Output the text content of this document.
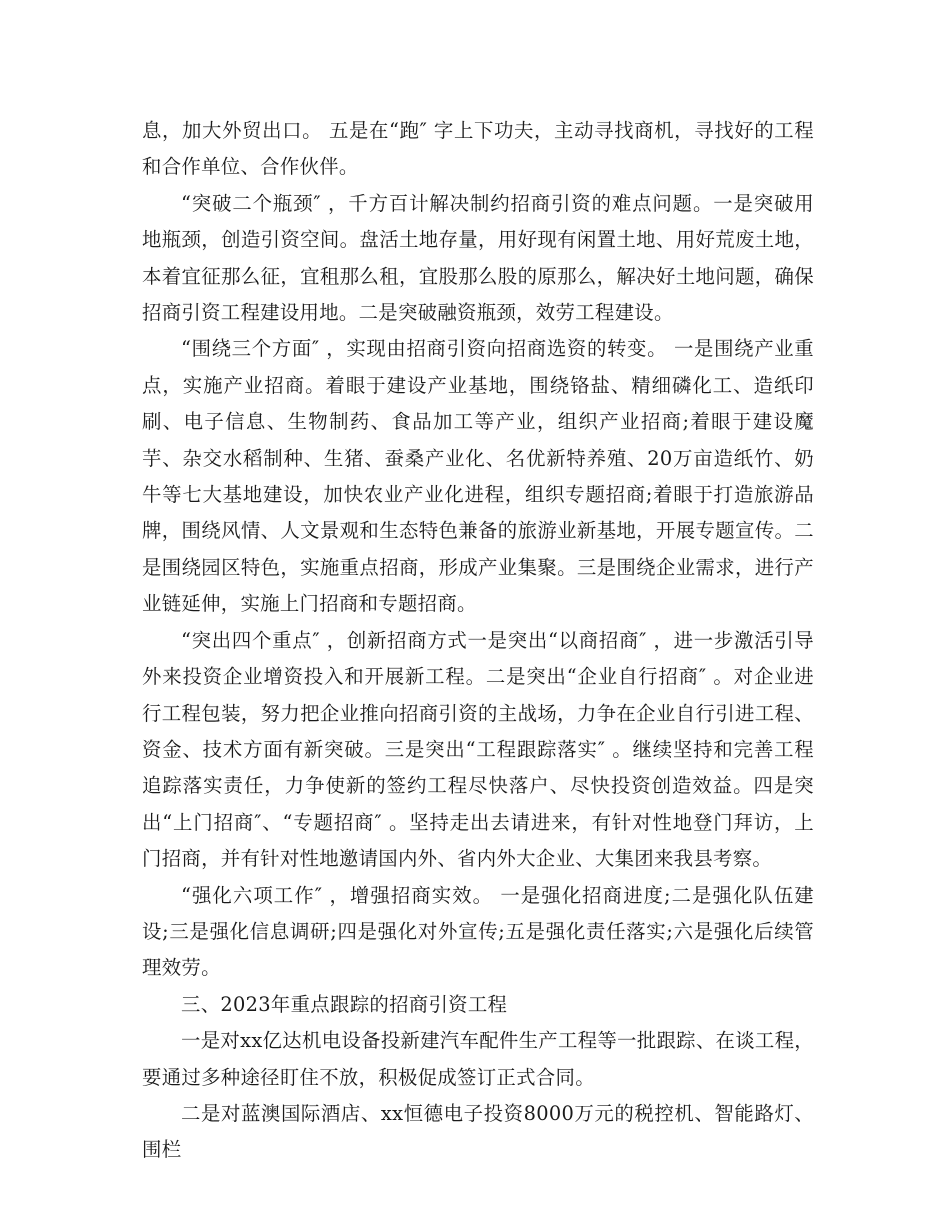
息，加大外贸出口。 五是在“跑″ 字上下功夫，主动寻找商机，寻找好的工程和合作单位、合作伙伴。

“突破二个瓶颈″ ，千方百计解决制约招商引资的难点问题。一是突破用地瓶颈，创造引资空间。盘活土地存量，用好现有闲置土地、用好荒废土地，本着宜征那么征，宜租那么租，宜股那么股的原那么，解决好土地问题，确保招商引资工程建设用地。二是突破融资瓶颈，效劳工程建设。

“围绕三个方面″ ，实现由招商引资向招商选资的转变。 一是围绕产业重点，实施产业招商。着眼于建设产业基地，围绕铬盐、精细磷化工、造纸印刷、电子信息、生物制药、食品加工等产业，组织产业招商;着眼于建设魔芋、杂交水稻制种、生猪、蚕桑产业化、名优新特养殖、20万亩造纸竹、奶牛等七大基地建设，加快农业产业化进程，组织专题招商;着眼于打造旅游品牌，围绕风情、人文景观和生态特色兼备的旅游业新基地，开展专题宣传。二是围绕园区特色，实施重点招商，形成产业集聚。三是围绕企业需求，进行产业链延伸，实施上门招商和专题招商。

“突出四个重点″ ，创新招商方式一是突出“以商招商″ ，进一步激活引导外来投资企业增资投入和开展新工程。二是突出“企业自行招商″ 。对企业进行工程包装，努力把企业推向招商引资的主战场，力争在企业自行引进工程、资金、技术方面有新突破。三是突出“工程跟踪落实″ 。继续坚持和完善工程追踪落实责任，力争使新的签约工程尽快落户、尽快投资创造效益。四是突出“上门招商″、“专题招商″ 。坚持走出去请进来，有针对性地登门拜访，上门招商，并有针对性地邀请国内外、省内外大企业、大集团来我县考察。

“强化六项工作″ ，增强招商实效。 一是强化招商进度;二是强化队伍建设;三是强化信息调研;四是强化对外宣传;五是强化责任落实;六是强化后续管理效劳。

三、2023年重点跟踪的招商引资工程

一是对xx亿达机电设备投新建汽车配件生产工程等一批跟踪、在谈工程，要通过多种途径盯住不放，积极促成签订正式合同。

二是对蓝澳国际酒店、xx恒德电子投资8000万元的税控机、智能路灯、围栏
